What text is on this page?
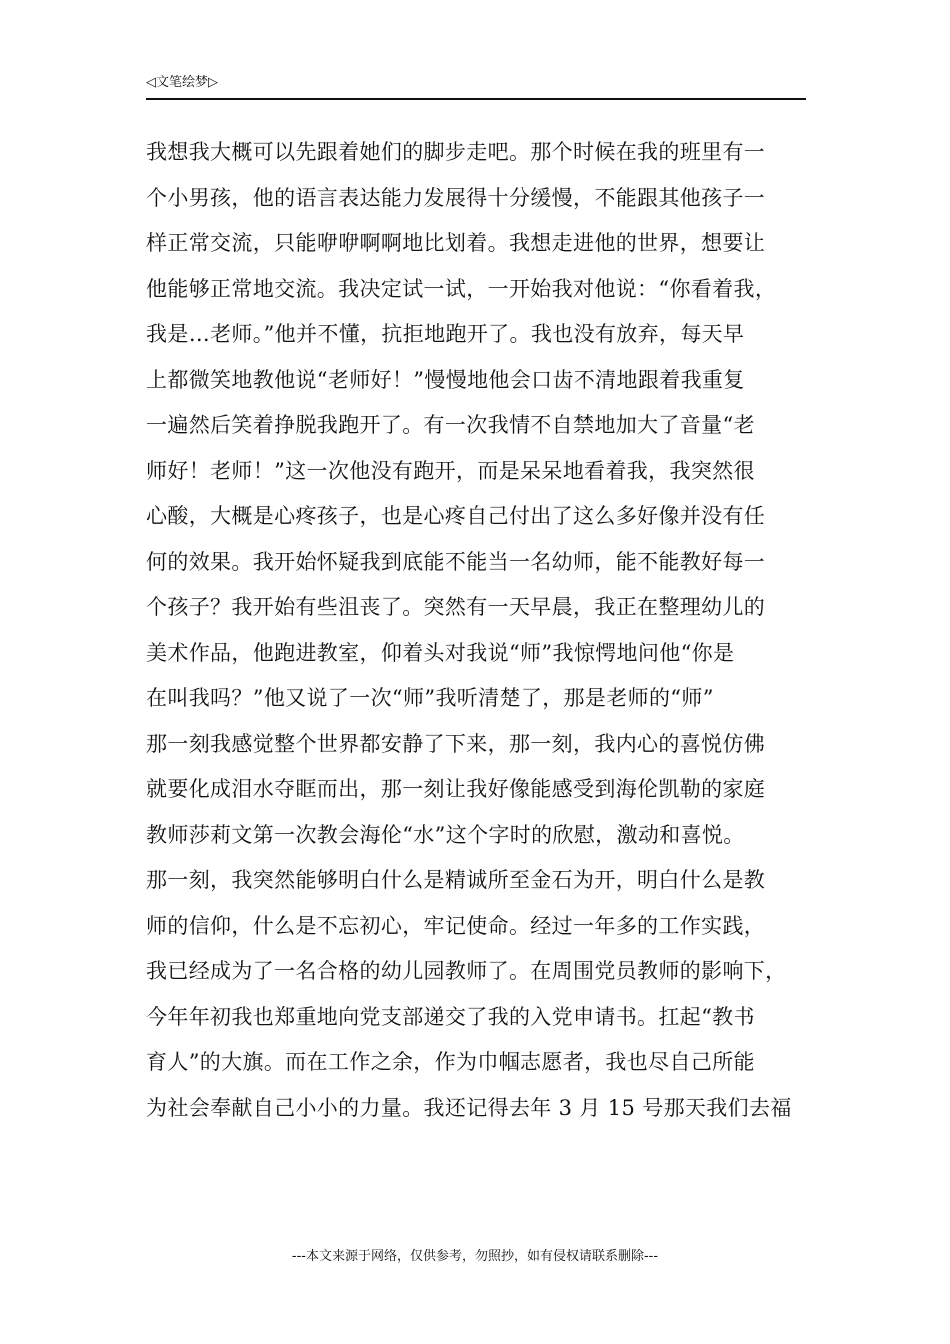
◁文笔绘梦▷
我想我大概可以先跟着她们的脚步走吧。那个时候在我的班里有一
个小男孩，他的语言表达能力发展得十分缓慢，不能跟其他孩子一
样正常交流，只能咿咿啊啊地比划着。我想走进他的世界，想要让
他能够正常地交流。我决定试一试，一开始我对他说：“你看着我，
我是…老师。”他并不懂，抗拒地跑开了。我也没有放弃，每天早
上都微笑地教他说“老师好！”慢慢地他会口齿不清地跟着我重复
一遍然后笑着挣脱我跑开了。有一次我情不自禁地加大了音量“老
师好！老师！”这一次他没有跑开，而是呆呆地看着我，我突然很
心酸，大概是心疼孩子，也是心疼自己付出了这么多好像并没有任
何的效果。我开始怀疑我到底能不能当一名幼师，能不能教好每一
个孩子？我开始有些沮丧了。突然有一天早晨，我正在整理幼儿的
美术作品，他跑进教室，仰着头对我说“师”我惊愕地问他“你是
在叫我吗？”他又说了一次“师”我听清楚了，那是老师的“师”
那一刻我感觉整个世界都安静了下来，那一刻，我内心的喜悦仿佛
就要化成泪水夺眶而出，那一刻让我好像能感受到海伦凯勒的家庭
教师莎莉文第一次教会海伦“水”这个字时的欣慰，激动和喜悦。
那一刻，我突然能够明白什么是精诚所至金石为开，明白什么是教
师的信仰，什么是不忘初心，牢记使命。经过一年多的工作实践，
我已经成为了一名合格的幼儿园教师了。在周围党员教师的影响下，
今年年初我也郑重地向党支部递交了我的入党申请书。扛起“教书
育人”的大旗。而在工作之余，作为巾帼志愿者，我也尽自己所能
为社会奉献自己小小的力量。我还记得去年 3 月 15 号那天我们去福
---本文来源于网络，仅供参考，勿照抄，如有侵权请联系删除---
